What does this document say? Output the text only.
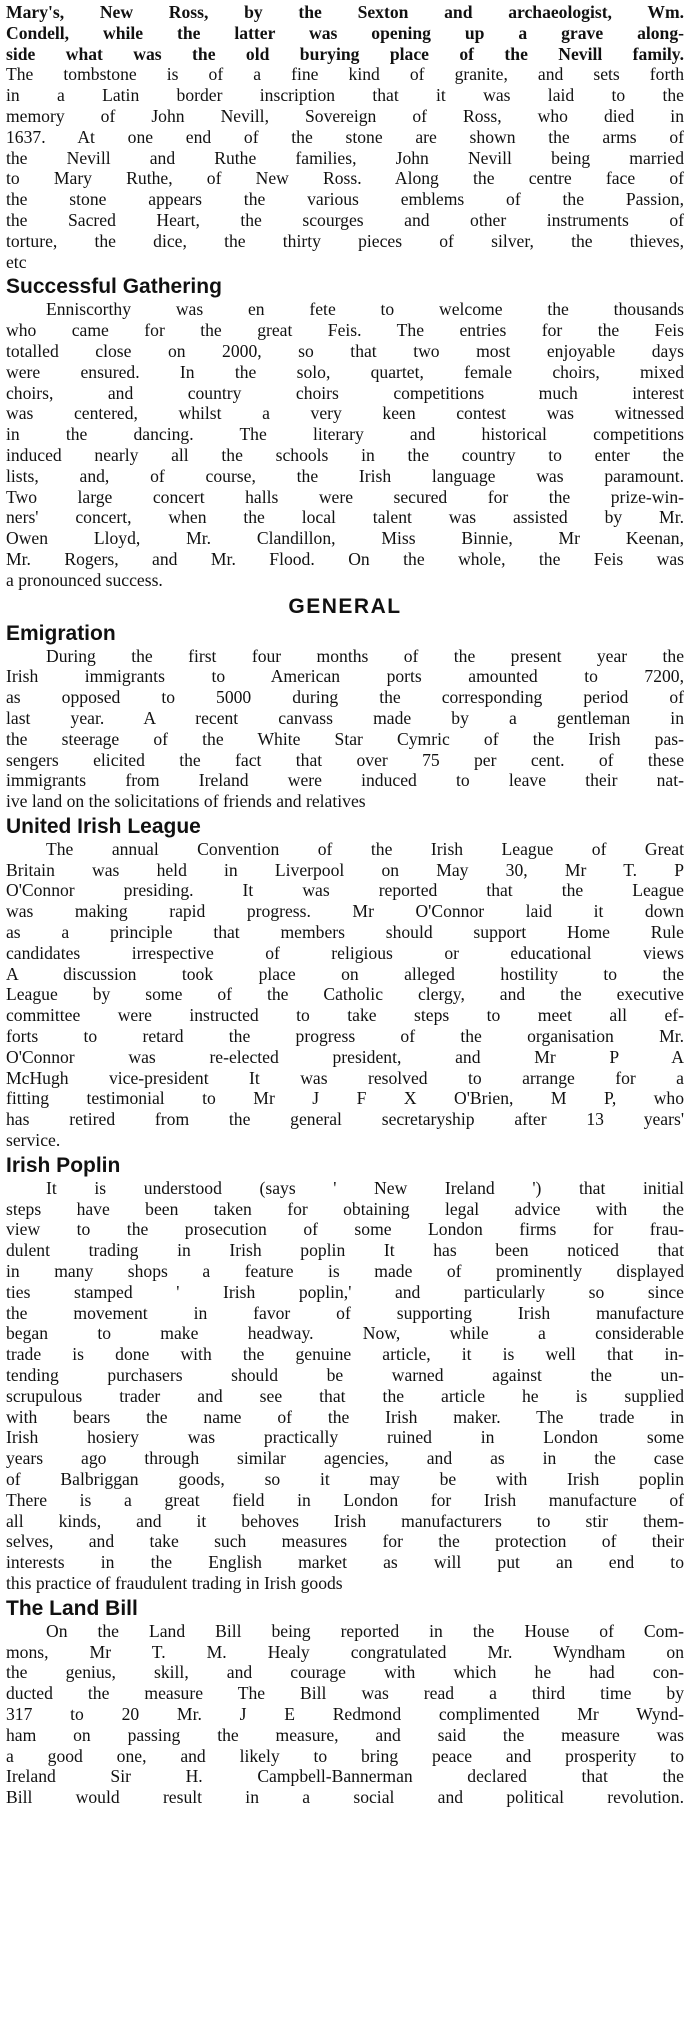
Mary's, New Ross, by the Sexton and archaeologist, Wm.
Condell, while the latter was opening up a grave along-
side what was the old burying place of the Nevill family.
The tombstone is of a fine kind of granite, and sets forth
in a Latin border inscription that it was laid to the
memory of John Nevill, Sovereign of Ross, who died in
1637. At one end of the stone are shown the arms of
the Nevill and Ruthe families, John Nevill being married
to Mary Ruthe, of New Ross. Along the centre face of
the stone appears the various emblems of the Passion,
the Sacred Heart, the scourges and other instruments of
torture, the dice, the thirty pieces of silver, the thieves,
etc
Successful Gathering
Enniscorthy was en fete to welcome the thousands
who came for the great Feis. The entries for the Feis
totalled close on 2000, so that two most enjoyable days
were ensured. In the solo, quartet, female choirs, mixed
choirs, and country choirs competitions much interest
was centered, whilst a very keen contest was witnessed
in the dancing. The literary and historical competitions
induced nearly all the schools in the country to enter the
lists, and, of course, the Irish language was paramount.
Two large concert halls were secured for the prize-win-
ners' concert, when the local talent was assisted by Mr.
Owen Lloyd, Mr. Clandillon, Miss Binnie, Mr Keenan,
Mr. Rogers, and Mr. Flood. On the whole, the Feis was
a pronounced success.
GENERAL
Emigration
During the first four months of the present year the
Irish immigrants to American ports amounted to 7200,
as opposed to 5000 during the corresponding period of
last year. A recent canvass made by a gentleman in
the steerage of the White Star Cymric of the Irish pas-
sengers elicited the fact that over 75 per cent. of these
immigrants from Ireland were induced to leave their nat-
ive land on the solicitations of friends and relatives
United Irish League
The annual Convention of the Irish League of Great
Britain was held in Liverpool on May 30, Mr T. P
O'Connor presiding. It was reported that the League
was making rapid progress. Mr O'Connor laid it down
as a principle that members should support Home Rule
candidates irrespective of religious or educational views
A discussion took place on alleged hostility to the
League by some of the Catholic clergy, and the executive
committee were instructed to take steps to meet all ef-
forts to retard the progress of the organisation Mr.
O'Connor was re-elected president, and Mr P A
McHugh vice-president It was resolved to arrange for a
fitting testimonial to Mr J F X O'Brien, M P, who
has retired from the general secretaryship after 13 years'
service.
Irish Poplin
It is understood (says ' New Ireland ') that initial
steps have been taken for obtaining legal advice with the
view to the prosecution of some London firms for frau-
dulent trading in Irish poplin It has been noticed that
in many shops a feature is made of prominently displayed
ties stamped ' Irish poplin,' and particularly so since
the movement in favor of supporting Irish manufacture
began to make headway. Now, while a considerable
trade is done with the genuine article, it is well that in-
tending purchasers should be warned against the un-
scrupulous trader and see that the article he is supplied
with bears the name of the Irish maker. The trade in
Irish hosiery was practically ruined in London some
years ago through similar agencies, and as in the case
of Balbriggan goods, so it may be with Irish poplin
There is a great field in London for Irish manufacture of
all kinds, and it behoves Irish manufacturers to stir them-
selves, and take such measures for the protection of their
interests in the English market as will put an end to
this practice of fraudulent trading in Irish goods
The Land Bill
On the Land Bill being reported in the House of Com-
mons, Mr T. M. Healy congratulated Mr. Wyndham on
the genius, skill, and courage with which he had con-
ducted the measure The Bill was read a third time by
317 to 20 Mr. J E Redmond complimented Mr Wynd-
ham on passing the measure, and said the measure was
a good one, and likely to bring peace and prosperity to
Ireland Sir H. Campbell-Bannerman declared that the
Bill would result in a social and political revolution.
